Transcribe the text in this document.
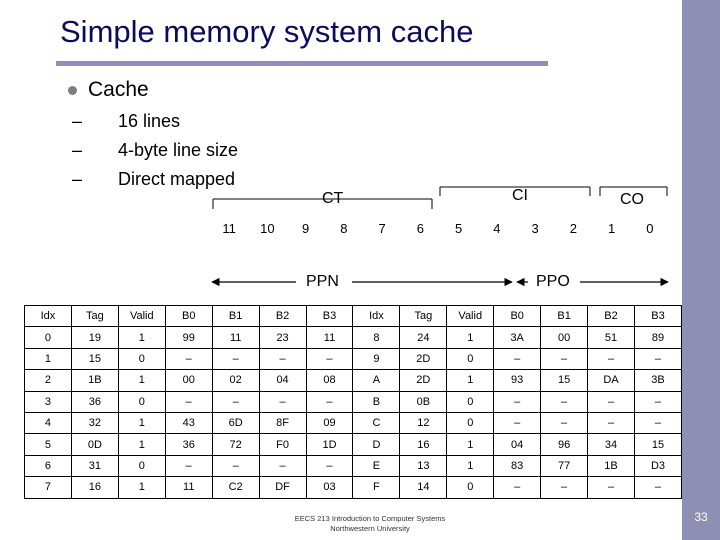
Simple memory system cache
Cache
– 16 lines
– 4-byte line size
– Direct mapped
CT	CI	CO
11	10	9	8	7	6	5	4	3	2	1	0
PPN	PPO
Idx	Tag	Valid	B0	B1	B2	B3	Idx	Tag	Valid	B0	B1	B2	B3
0	19	1	99	11	23	11	8	24	1	3A	00	51	89
1	15	0	–	–	–	–	9	2D	0	–	–	–	–
2	1B	1	00	02	04	08	A	2D	1	93	15	DA	3B
3	36	0	–	–	–	–	B	0B	0	–	–	–	–
4	32	1	43	6D	8F	09	C	12	0	–	–	–	–
5	0D	1	36	72	F0	1D	D	16	1	04	96	34	15
6	31	0	–	–	–	–	E	13	1	83	77	1B	D3
7	16	1	11	C2	DF	03	F	14	0	–	–	–	–
EECS 213 Introduction to Computer Systems
Northwestern University
33
